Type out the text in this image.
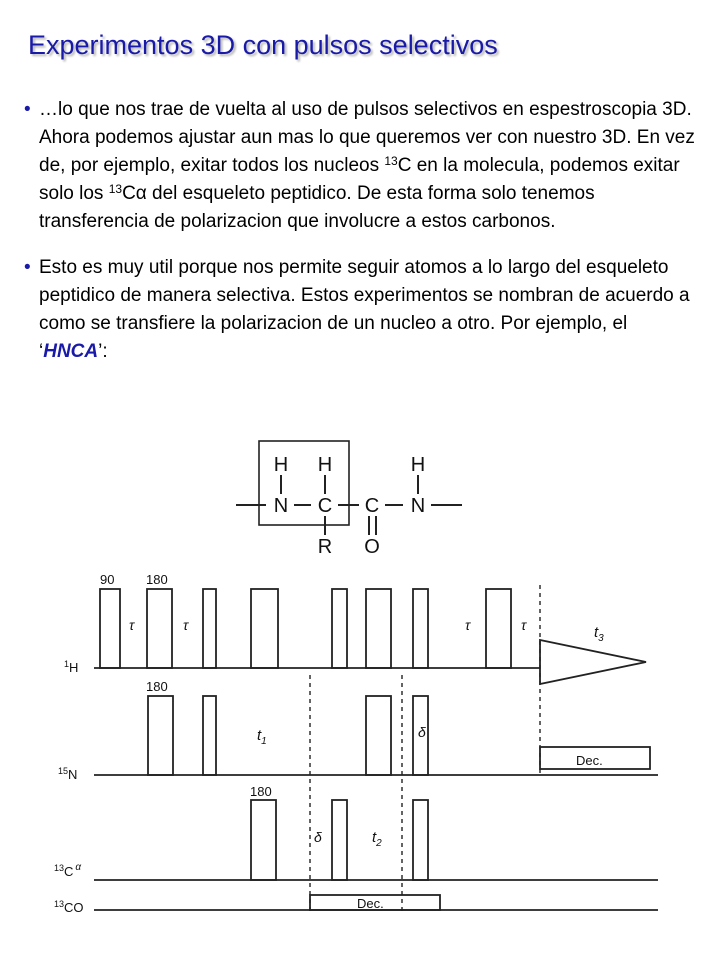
Experimentos 3D con pulsos selectivos
• …lo que nos trae de vuelta al uso de pulsos selectivos en espestroscopia 3D. Ahora podemos ajustar aun mas lo que queremos ver con nuestro 3D. En vez de, por ejemplo, exitar todos los nucleos $^{13}$C en la molecula, podemos exitar solo los $^{13}$Cα del esqueleto peptidico. De esta forma solo tenemos transferencia de polarizacion que involucre a estos carbonos.
• Esto es muy util porque nos permite seguir atomos a lo largo del esqueleto peptidico de manera selectiva. Estos experimentos se nombran de acuerdo a como se transfiere la polarizacion de un nucleo a otro. Por ejemplo, el ‘HNCA’:
H H	H
N C C N
R O
90 180
180
180
τ	τ	τ	τ
$t_1$
$t_2$
$t_3$
δ
δ
Dec.
Dec.
$^1$H
$^{15}$N
$^{13}$C $^\alpha$
$^{13}$CO
